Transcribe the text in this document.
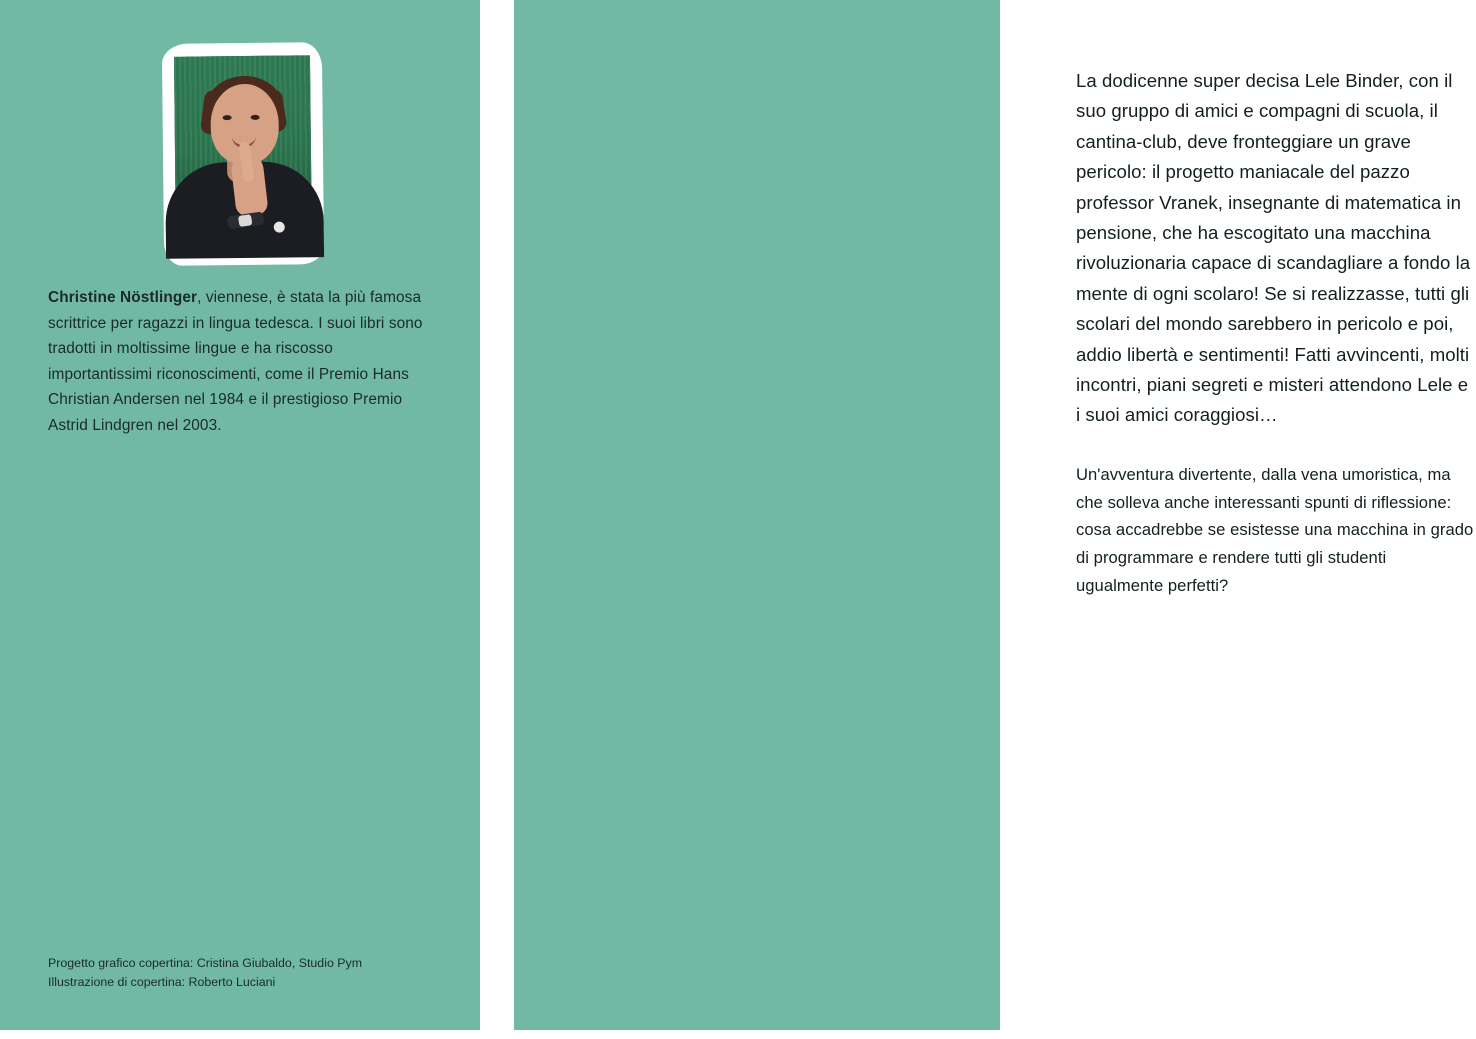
Christine Nöstlinger, viennese, è stata la più famosa scrittrice per ragazzi in lingua tedesca. I suoi libri sono tradotti in moltissime lingue e ha riscosso importantissimi riconoscimenti, come il Premio Hans Christian Andersen nel 1984 e il prestigioso Premio Astrid Lindgren nel 2003.
Progetto grafico copertina: Cristina Giubaldo, Studio Pym
Illustrazione di copertina: Roberto Luciani

La dodicenne super decisa Lele Binder, con il suo gruppo di amici e compagni di scuola, il cantina-club, deve fronteggiare un grave pericolo: il progetto maniacale del pazzo professor Vranek, insegnante di matematica in pensione, che ha escogitato una macchina rivoluzionaria capace di scandagliare a fondo la mente di ogni scolaro! Se si realizzasse, tutti gli scolari del mondo sarebbero in pericolo e poi, addio libertà e sentimenti! Fatti avvincenti, molti incontri, piani segreti e misteri attendono Lele e i suoi amici coraggiosi…

Un'avventura divertente, dalla vena umoristica, ma che solleva anche interessanti spunti di riflessione: cosa accadrebbe se esistesse una macchina in grado di programmare e rendere tutti gli studenti ugualmente perfetti?
